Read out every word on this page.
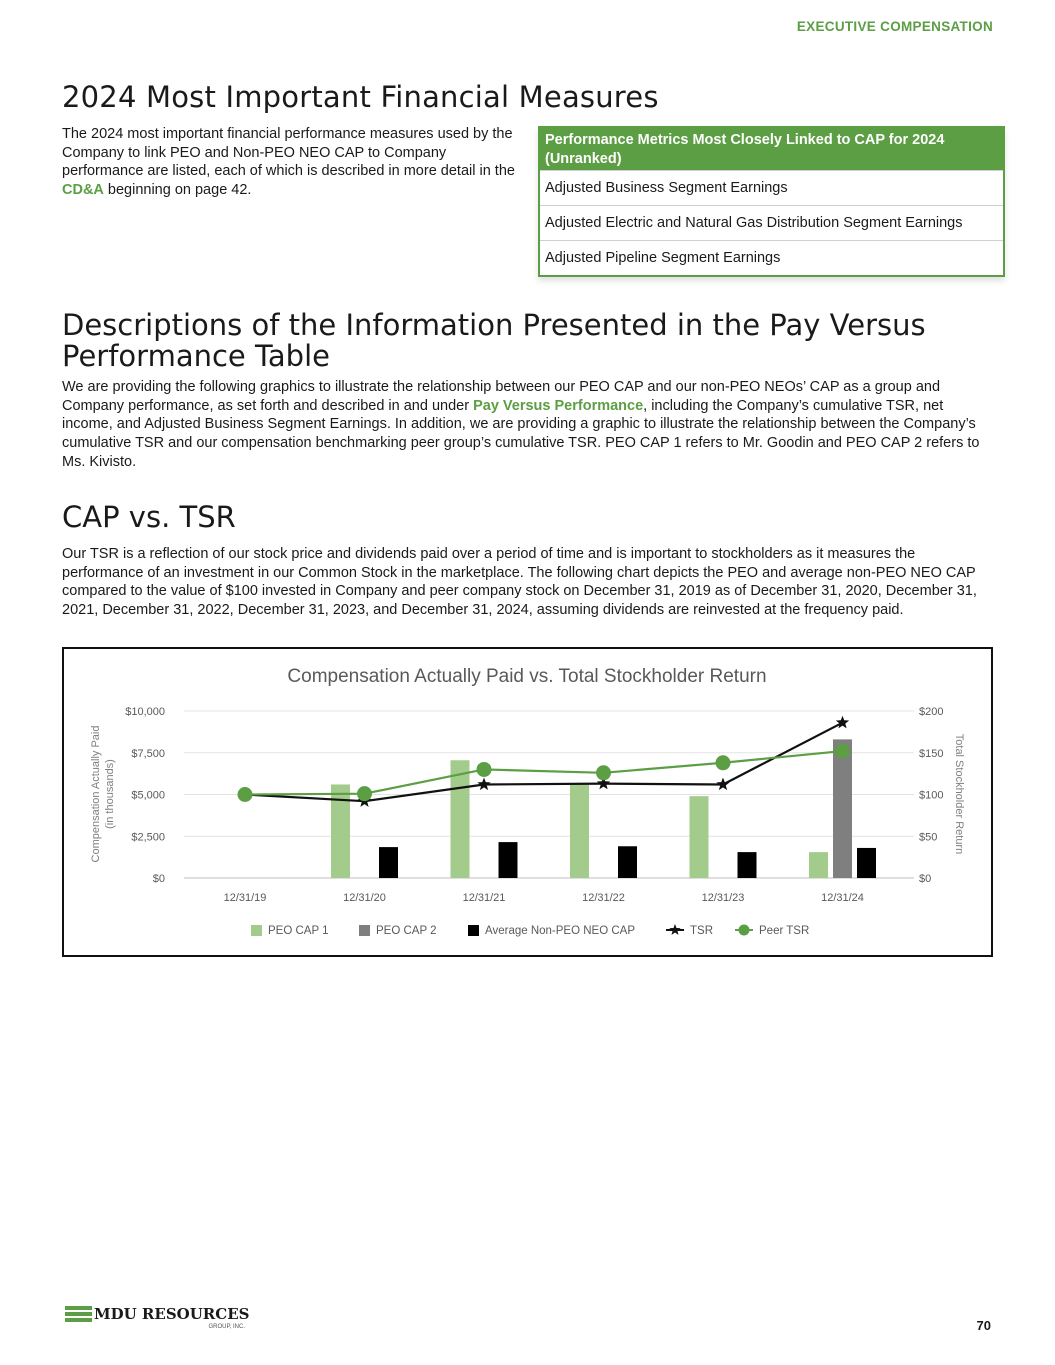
EXECUTIVE COMPENSATION
2024 Most Important Financial Measures

The 2024 most important financial performance measures used by the Company to link PEO and Non-PEO NEO CAP to Company performance are listed, each of which is described in more detail in the CD&A beginning on page 42.

Performance Metrics Most Closely Linked to CAP for 2024 (Unranked)
Adjusted Business Segment Earnings
Adjusted Electric and Natural Gas Distribution Segment Earnings
Adjusted Pipeline Segment Earnings
Descriptions of the Information Presented in the Pay Versus Performance Table

We are providing the following graphics to illustrate the relationship between our PEO CAP and our non-PEO NEOs’ CAP as a group and Company performance, as set forth and described in and under Pay Versus Performance, including the Company’s cumulative TSR, net income, and Adjusted Business Segment Earnings. In addition, we are providing a graphic to illustrate the relationship between the Company’s cumulative TSR and our compensation benchmarking peer group’s cumulative TSR. PEO CAP 1 refers to Mr. Goodin and PEO CAP 2 refers to Ms. Kivisto.

CAP vs. TSR

Our TSR is a reflection of our stock price and dividends paid over a period of time and is important to stockholders as it measures the performance of an investment in our Common Stock in the marketplace. The following chart depicts the PEO and average non-PEO NEO CAP compared to the value of $100 invested in Company and peer company stock on December 31, 2019 as of December 31, 2020, December 31, 2021, December 31, 2022, December 31, 2023, and December 31, 2024, assuming dividends are reinvested at the frequency paid.

Compensation Actually Paid vs. Total Stockholder Return
$0
$2,500
$5,000
$7,500
$10,000
$0
$50
$100
$150
$200
12/31/19	12/31/20	12/31/21	12/31/22	12/31/23	12/31/24
Compensation Actually Paid (in thousands)	Total Stockholder Return
PEO CAP 1	PEO CAP 2	Average Non-PEO NEO CAP	TSR	Peer TSR
MDU RESOURCES
GROUP, INC.	70
